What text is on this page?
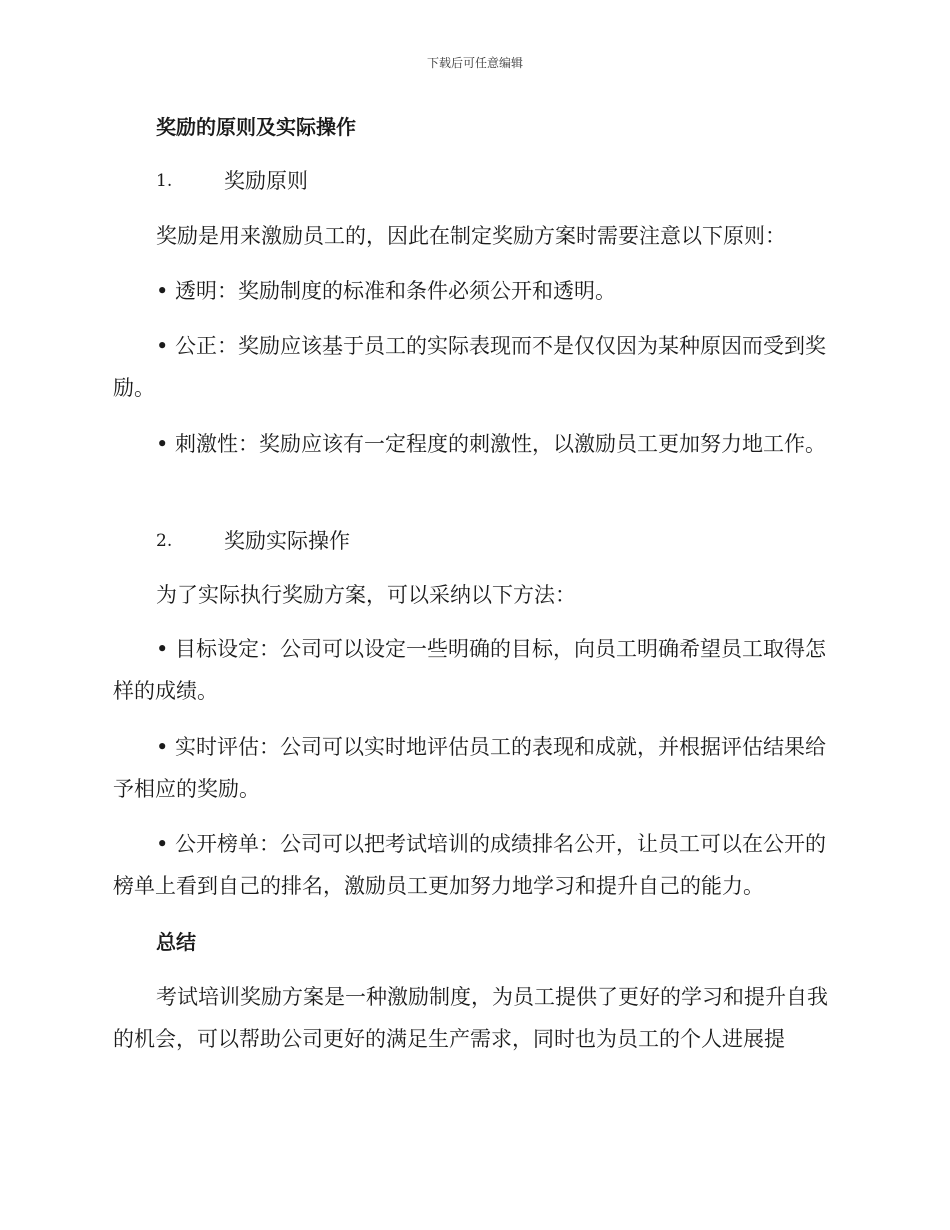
下载后可任意编辑
奖励的原则及实际操作
1.	奖励原则

奖励是用来激励员工的，因此在制定奖励方案时需要注意以下原则：

• 透明：奖励制度的标准和条件必须公开和透明。

• 公正：奖励应该基于员工的实际表现而不是仅仅因为某种原因而受到奖励。

• 刺激性：奖励应该有一定程度的刺激性，以激励员工更加努力地工作。

2.	奖励实际操作

为了实际执行奖励方案，可以采纳以下方法：

• 目标设定：公司可以设定一些明确的目标，向员工明确希望员工取得怎样的成绩。

• 实时评估：公司可以实时地评估员工的表现和成就，并根据评估结果给予相应的奖励。

• 公开榜单：公司可以把考试培训的成绩排名公开，让员工可以在公开的榜单上看到自己的排名，激励员工更加努力地学习和提升自己的能力。

总结

考试培训奖励方案是一种激励制度，为员工提供了更好的学习和提升自我的机会，可以帮助公司更好的满足生产需求，同时也为员工的个人进展提
